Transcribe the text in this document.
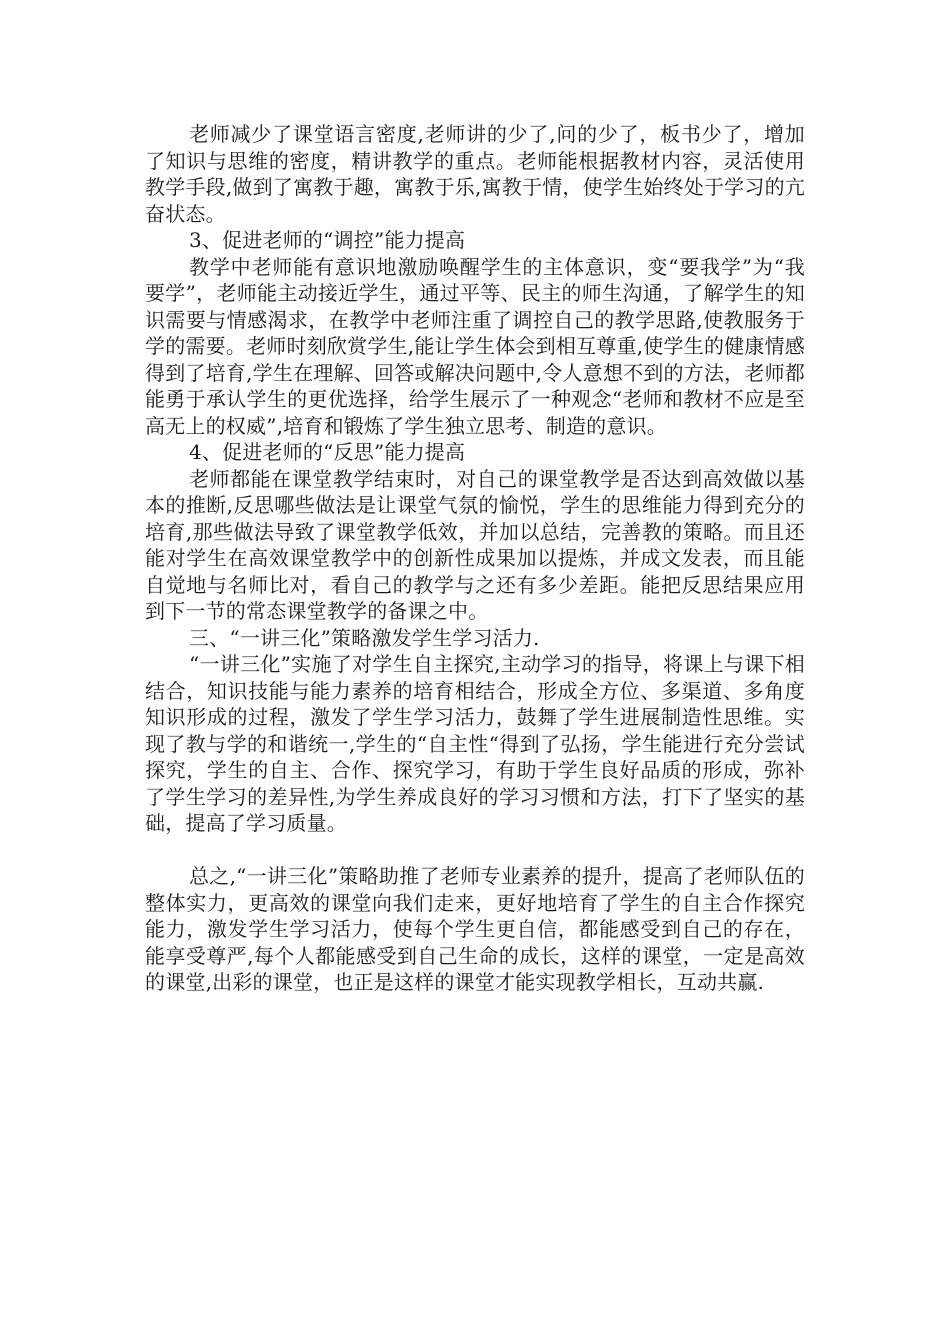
老师减少了课堂语言密度,老师讲的少了,问的少了，板书少了，增加了知识与思维的密度，精讲教学的重点。老师能根据教材内容，灵活使用教学手段,做到了寓教于趣，寓教于乐,寓教于情，使学生始终处于学习的亢奋状态。

3、促进老师的“调控”能力提高

教学中老师能有意识地激励唤醒学生的主体意识，变“要我学”为“我要学”，老师能主动接近学生，通过平等、民主的师生沟通，了解学生的知识需要与情感渴求，在教学中老师注重了调控自己的教学思路,使教服务于学的需要。老师时刻欣赏学生,能让学生体会到相互尊重,使学生的健康情感得到了培育,学生在理解、回答或解决问题中,令人意想不到的方法，老师都能勇于承认学生的更优选择，给学生展示了一种观念“老师和教材不应是至高无上的权威”,培育和锻炼了学生独立思考、制造的意识。

4、促进老师的“反思”能力提高

老师都能在课堂教学结束时，对自己的课堂教学是否达到高效做以基本的推断,反思哪些做法是让课堂气氛的愉悦，学生的思维能力得到充分的培育,那些做法导致了课堂教学低效，并加以总结，完善教的策略。而且还能对学生在高效课堂教学中的创新性成果加以提炼，并成文发表，而且能自觉地与名师比对，看自己的教学与之还有多少差距。能把反思结果应用到下一节的常态课堂教学的备课之中。

三、“一讲三化”策略激发学生学习活力.

“一讲三化”实施了对学生自主探究,主动学习的指导，将课上与课下相结合，知识技能与能力素养的培育相结合，形成全方位、多渠道、多角度知识形成的过程，激发了学生学习活力，鼓舞了学生进展制造性思维。实现了教与学的和谐统一,学生的“自主性“得到了弘扬，学生能进行充分尝试探究，学生的自主、合作、探究学习，有助于学生良好品质的形成，弥补了学生学习的差异性,为学生养成良好的学习习惯和方法，打下了坚实的基础，提高了学习质量。

总之,“一讲三化”策略助推了老师专业素养的提升，提高了老师队伍的整体实力，更高效的课堂向我们走来，更好地培育了学生的自主合作探究能力，激发学生学习活力，使每个学生更自信，都能感受到自己的存在，能享受尊严,每个人都能感受到自己生命的成长，这样的课堂，一定是高效的课堂,出彩的课堂，也正是这样的课堂才能实现教学相长，互动共赢.
